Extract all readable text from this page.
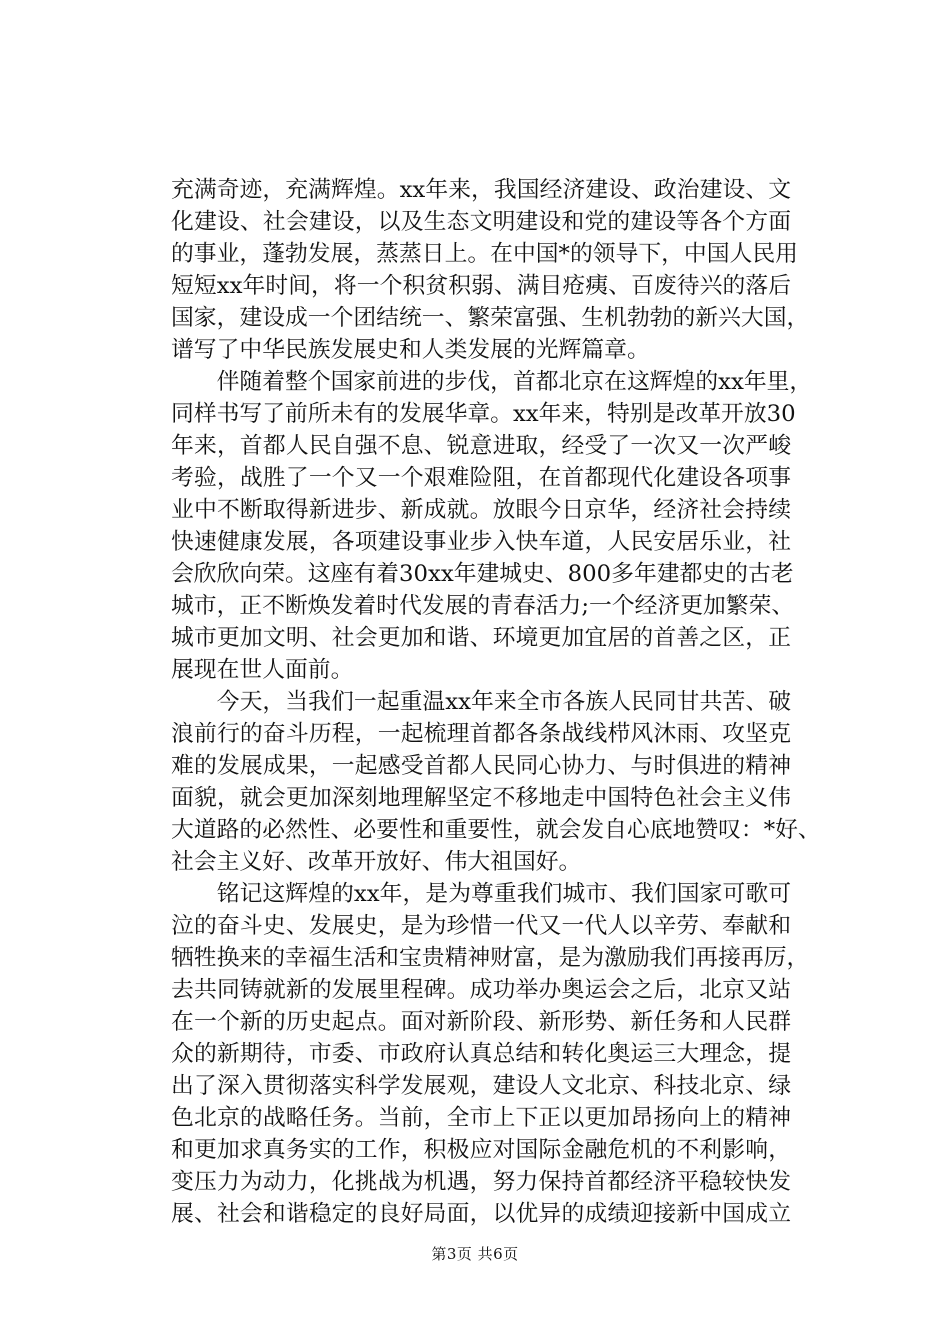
充满奇迹，充满辉煌。xx年来，我国经济建设、政治建设、文
化建设、社会建设，以及生态文明建设和党的建设等各个方面
的事业，蓬勃发展，蒸蒸日上。在中国*的领导下，中国人民用
短短xx年时间，将一个积贫积弱、满目疮痍、百废待兴的落后
国家，建设成一个团结统一、繁荣富强、生机勃勃的新兴大国，
谱写了中华民族发展史和人类发展的光辉篇章。
　　伴随着整个国家前进的步伐，首都北京在这辉煌的xx年里，
同样书写了前所未有的发展华章。xx年来，特别是改革开放30
年来，首都人民自强不息、锐意进取，经受了一次又一次严峻
考验，战胜了一个又一个艰难险阻，在首都现代化建设各项事
业中不断取得新进步、新成就。放眼今日京华，经济社会持续
快速健康发展，各项建设事业步入快车道，人民安居乐业，社
会欣欣向荣。这座有着30xx年建城史、800多年建都史的古老
城市，正不断焕发着时代发展的青春活力;一个经济更加繁荣、
城市更加文明、社会更加和谐、环境更加宜居的首善之区，正
展现在世人面前。
　　今天，当我们一起重温xx年来全市各族人民同甘共苦、破
浪前行的奋斗历程，一起梳理首都各条战线栉风沐雨、攻坚克
难的发展成果，一起感受首都人民同心协力、与时俱进的精神
面貌，就会更加深刻地理解坚定不移地走中国特色社会主义伟
大道路的必然性、必要性和重要性，就会发自心底地赞叹：*好、
社会主义好、改革开放好、伟大祖国好。
　　铭记这辉煌的xx年，是为尊重我们城市、我们国家可歌可
泣的奋斗史、发展史，是为珍惜一代又一代人以辛劳、奉献和
牺牲换来的幸福生活和宝贵精神财富，是为激励我们再接再厉，
去共同铸就新的发展里程碑。成功举办奥运会之后，北京又站
在一个新的历史起点。面对新阶段、新形势、新任务和人民群
众的新期待，市委、市政府认真总结和转化奥运三大理念，提
出了深入贯彻落实科学发展观，建设人文北京、科技北京、绿
色北京的战略任务。当前，全市上下正以更加昂扬向上的精神
和更加求真务实的工作，积极应对国际金融危机的不利影响，
变压力为动力，化挑战为机遇，努力保持首都经济平稳较快发
展、社会和谐稳定的良好局面，以优异的成绩迎接新中国成立
第3页 共6页
